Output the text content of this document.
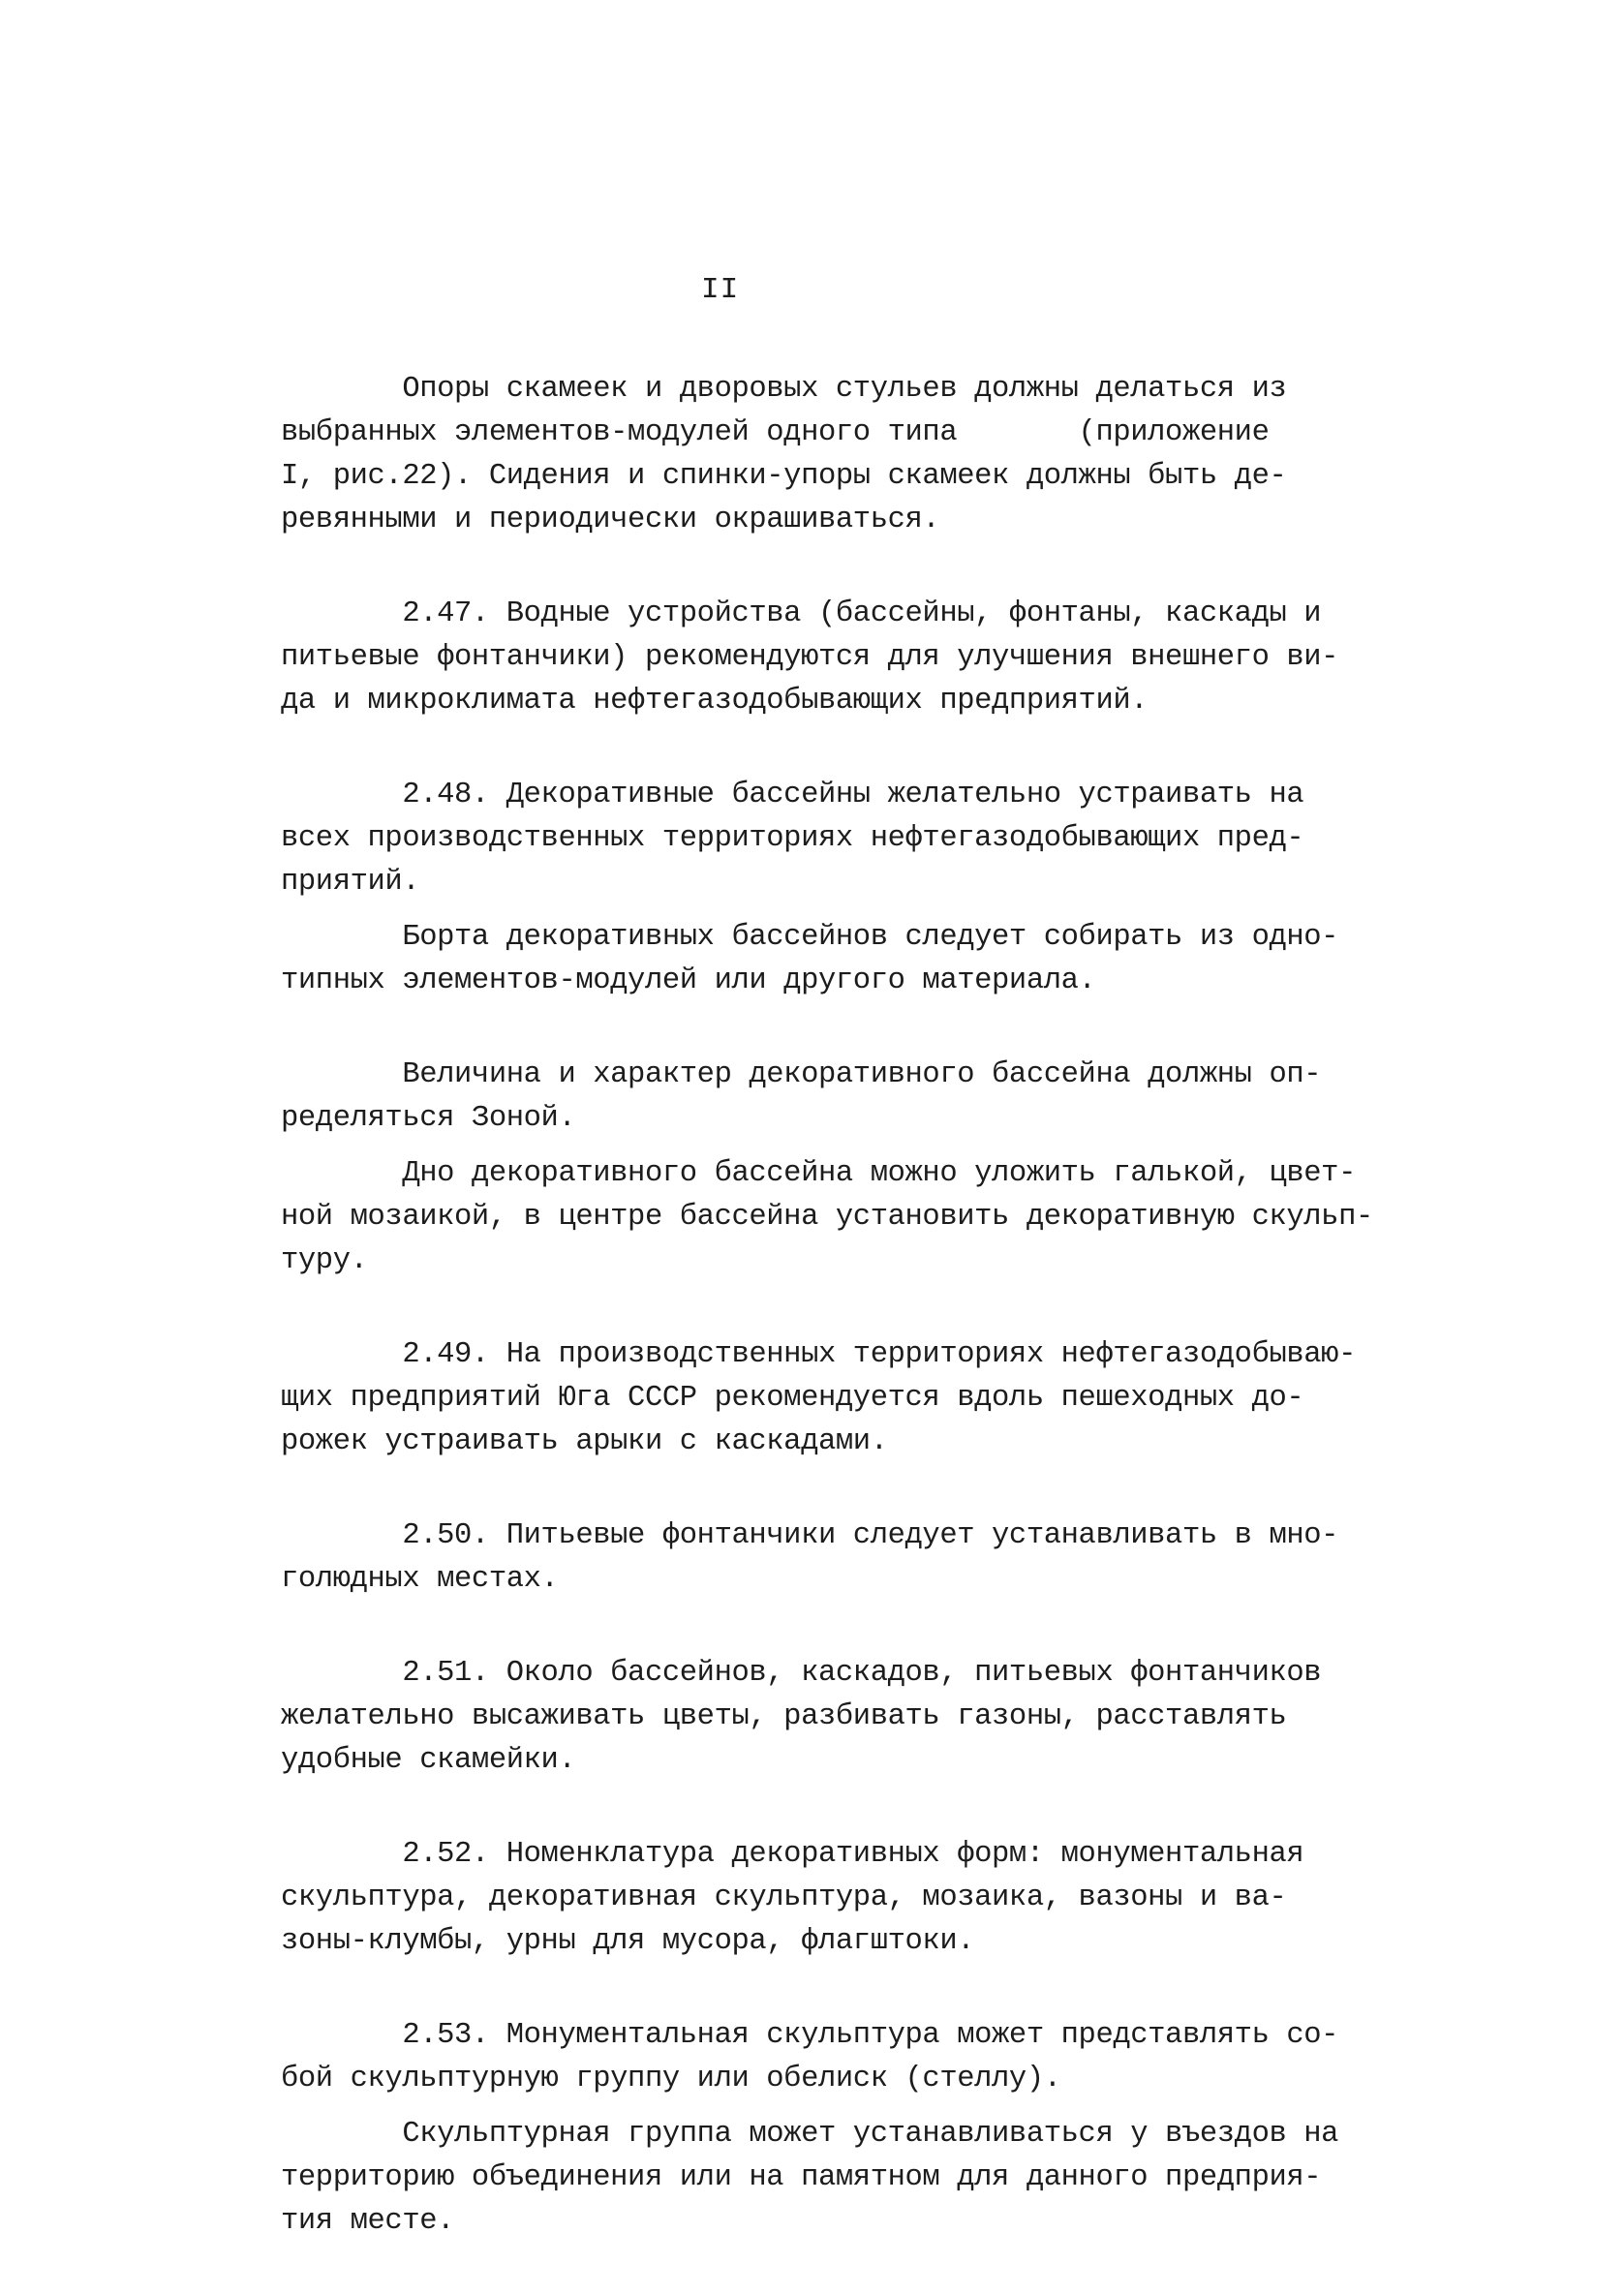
II
Опоры скамеек и дворовых стульев должны делаться из
выбранных элементов-модулей одного типа       (приложение
I, рис.22). Сидения и спинки-упоры скамеек должны быть де-
ревянными и периодически окрашиваться.
2.47. Водные устройства (бассейны, фонтаны, каскады и
питьевые фонтанчики) рекомендуются для улучшения внешнего ви-
да и микроклимата нефтегазодобывающих предприятий.
2.48. Декоративные бассейны желательно устраивать на
всех производственных территориях нефтегазодобывающих пред-
приятий.
Борта декоративных бассейнов следует собирать из одно-
типных элементов-модулей или другого материала.
Величина и характер декоративного бассейна должны оп-
ределяться Зоной.
Дно декоративного бассейна можно уложить галькой, цвет-
ной мозаикой, в центре бассейна установить декоративную скульп-
туру.
2.49. На производственных территориях нефтегазодобываю-
щих предприятий Юга СССР рекомендуется вдоль пешеходных до-
рожек устраивать арыки с каскадами.
2.50. Питьевые фонтанчики следует устанавливать в мно-
голюдных местах.
2.51. Около бассейнов, каскадов, питьевых фонтанчиков
желательно высаживать цветы, разбивать газоны, расставлять
удобные скамейки.
2.52. Номенклатура декоративных форм: монументальная
скульптура, декоративная скульптура, мозаика, вазоны и ва-
зоны-клумбы, урны для мусора, флагштоки.
2.53. Монументальная скульптура может представлять со-
бой скульптурную группу или обелиск (стеллу).
Скульптурная группа может устанавливаться у въездов на
территорию объединения или на памятном для данного предприя-
тия месте.
